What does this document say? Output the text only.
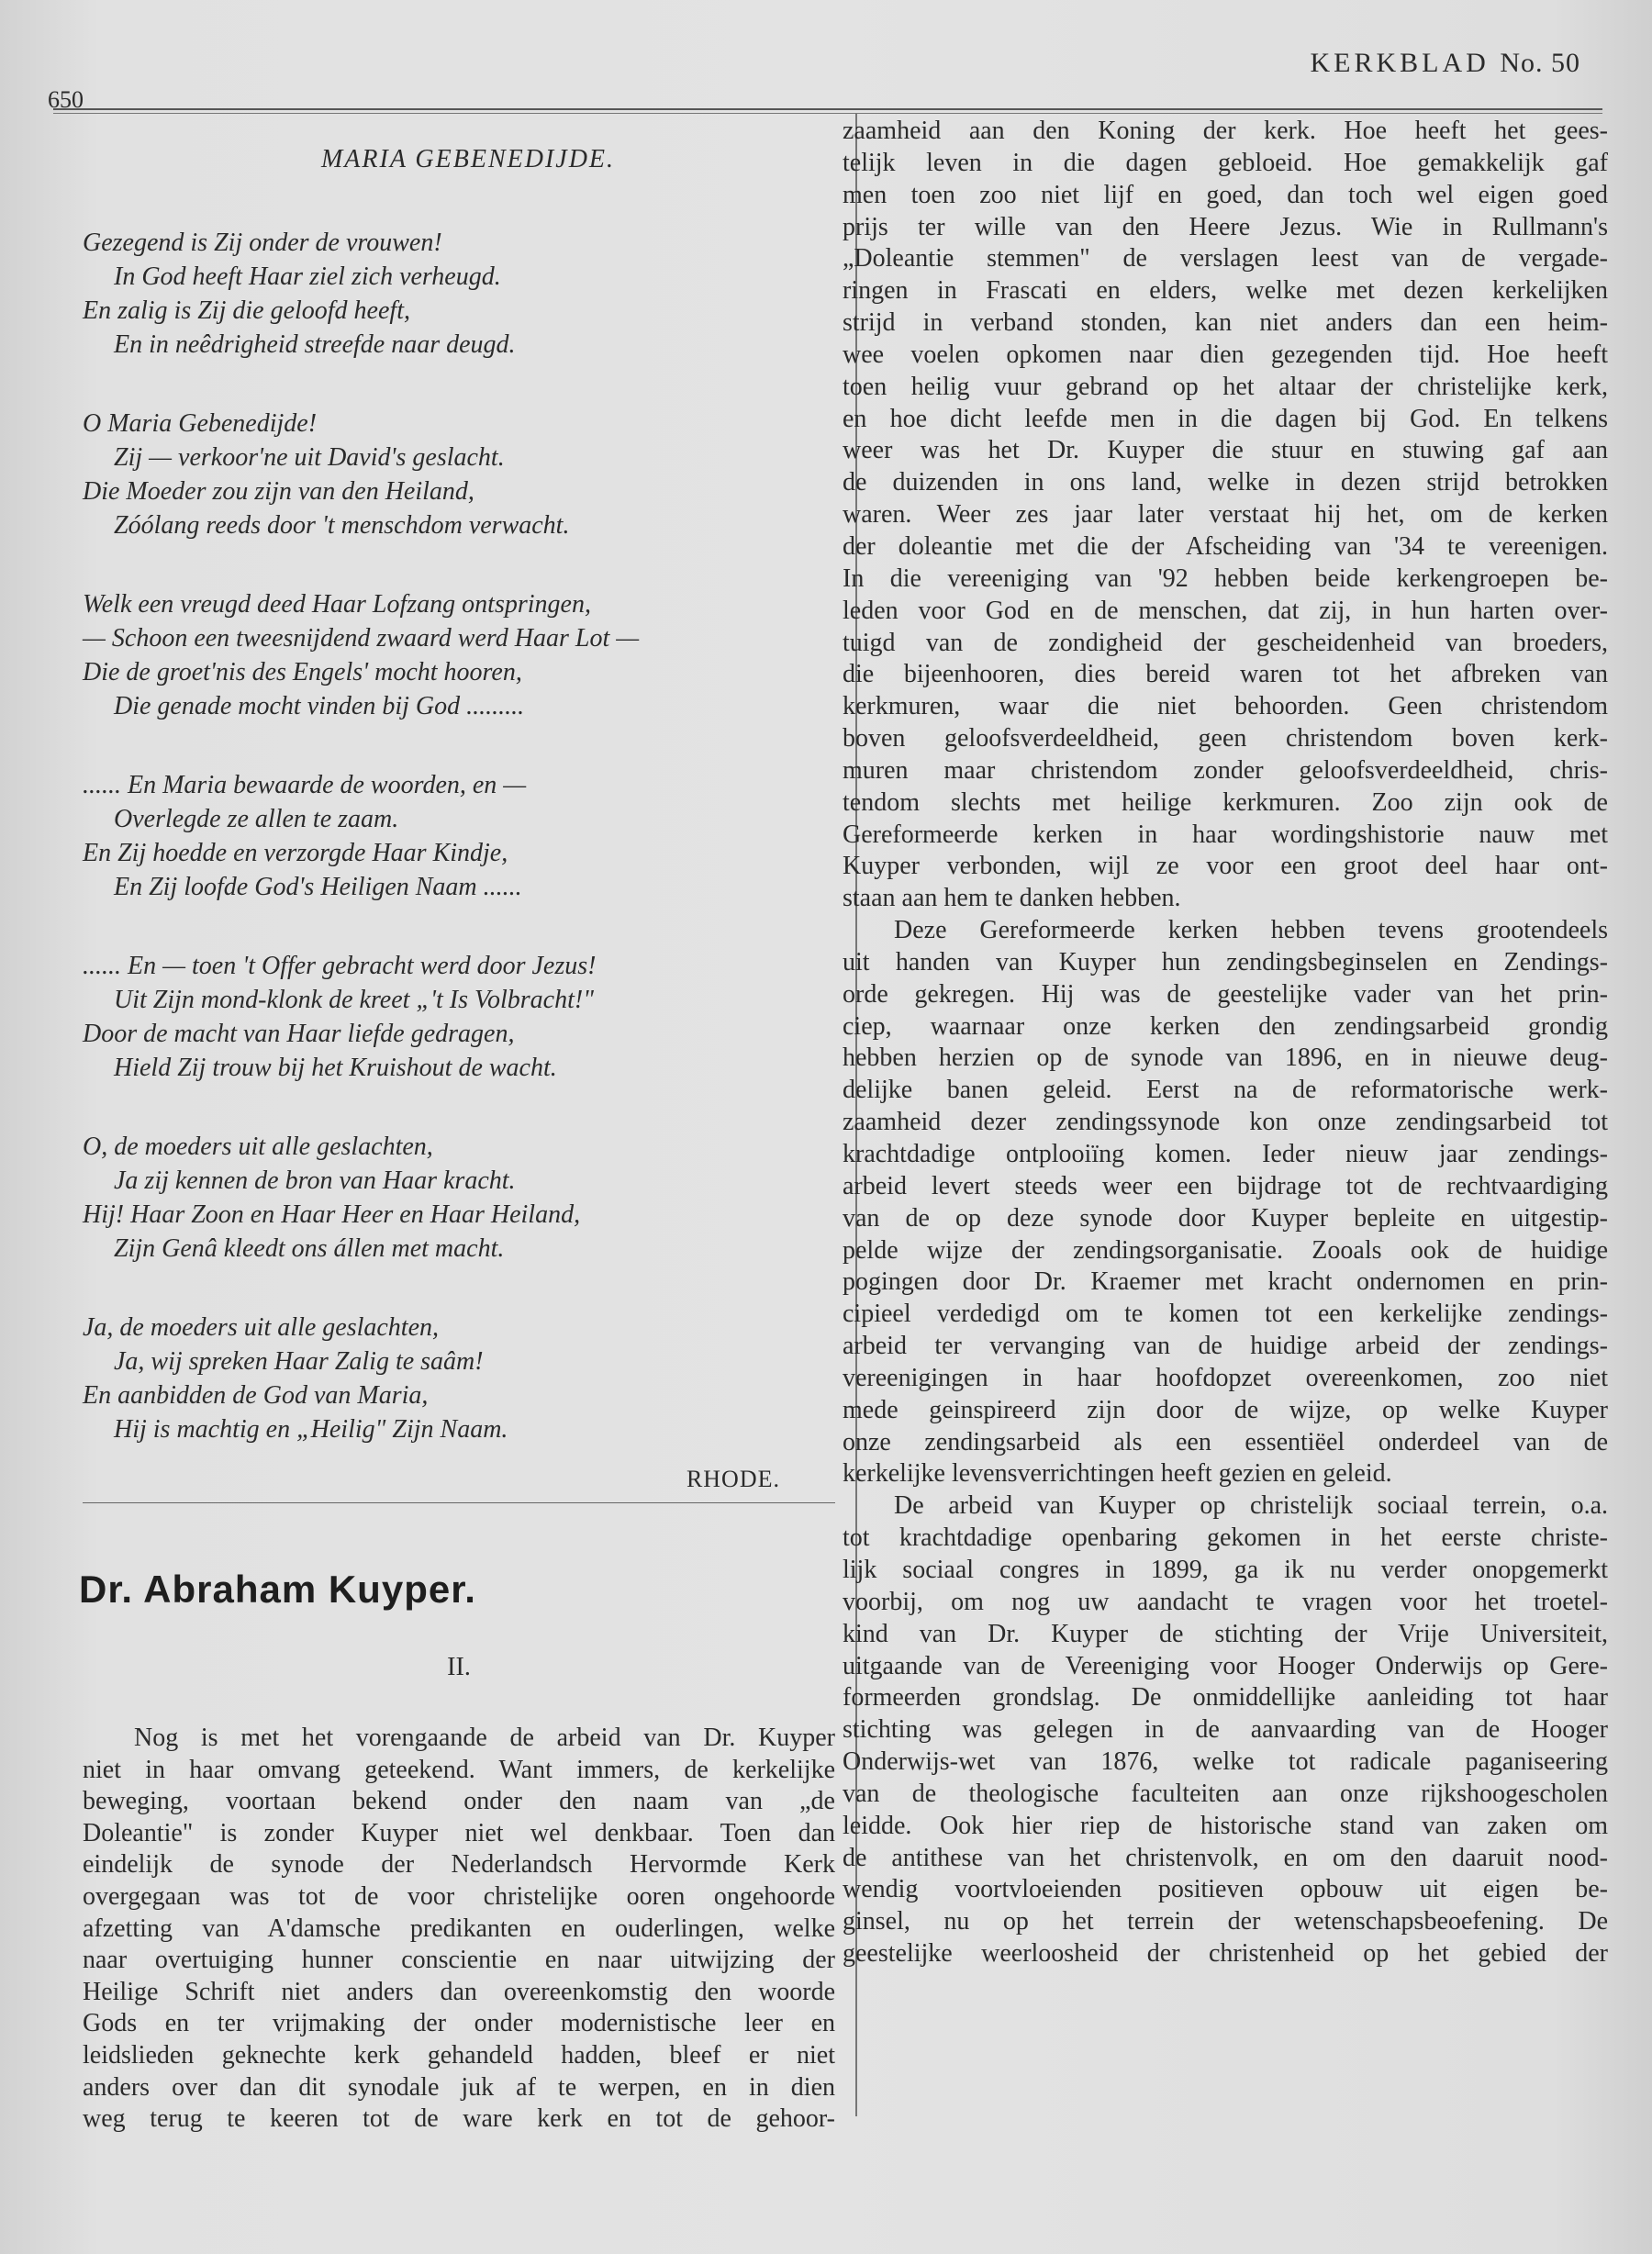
650
KERKBLAD No. 50
MARIA GEBENEDIJDE.
Gezegend is Zij onder de vrouwen!
In God heeft Haar ziel zich verheugd.
En zalig is Zij die geloofd heeft,
En in neêdrigheid streefde naar deugd.
O Maria Gebenedijde!
Zij — verkoor'ne uit David's geslacht.
Die Moeder zou zijn van den Heiland,
Zóólang reeds door 't menschdom verwacht.
Welk een vreugd deed Haar Lofzang ontspringen,
— Schoon een tweesnijdend zwaard werd Haar Lot —
Die de groet'nis des Engels' mocht hooren,
Die genade mocht vinden bij God .........
...... En Maria bewaarde de woorden, en —
Overlegde ze allen te zaam.
En Zij hoedde en verzorgde Haar Kindje,
En Zij loofde God's Heiligen Naam ......
...... En — toen 't Offer gebracht werd door Jezus!
Uit Zijn mond-klonk de kreet „'t Is Volbracht!"
Door de macht van Haar liefde gedragen,
Hield Zij trouw bij het Kruishout de wacht.
O, de moeders uit alle geslachten,
Ja zij kennen de bron van Haar kracht.
Hij! Haar Zoon en Haar Heer en Haar Heiland,
Zijn Genâ kleedt ons állen met macht.
Ja, de moeders uit alle geslachten,
Ja, wij spreken Haar Zalig te saâm!
En aanbidden de God van Maria,
Hij is machtig en „Heilig" Zijn Naam.
RHODE.
Dr. Abraham Kuyper.
II.
Nog is met het vorengaande de arbeid van Dr. Kuyper
niet in haar omvang geteekend. Want immers, de kerkelijke
beweging, voortaan bekend onder den naam van „de
Doleantie" is zonder Kuyper niet wel denkbaar. Toen dan
eindelijk de synode der Nederlandsch Hervormde Kerk
overgegaan was tot de voor christelijke ooren ongehoorde
afzetting van A'damsche predikanten en ouderlingen, welke
naar overtuiging hunner conscientie en naar uitwijzing der
Heilige Schrift niet anders dan overeenkomstig den woorde
Gods en ter vrijmaking der onder modernistische leer en
leidslieden geknechte kerk gehandeld hadden, bleef er niet
anders over dan dit synodale juk af te werpen, en in dien
weg terug te keeren tot de ware kerk en tot de gehoor-
zaamheid aan den Koning der kerk. Hoe heeft het gees-
telijk leven in die dagen gebloeid. Hoe gemakkelijk gaf
men toen zoo niet lijf en goed, dan toch wel eigen goed
prijs ter wille van den Heere Jezus. Wie in Rullmann's
„Doleantie stemmen" de verslagen leest van de vergade-
ringen in Frascati en elders, welke met dezen kerkelijken
strijd in verband stonden, kan niet anders dan een heim-
wee voelen opkomen naar dien gezegenden tijd. Hoe heeft
toen heilig vuur gebrand op het altaar der christelijke kerk,
en hoe dicht leefde men in die dagen bij God. En telkens
weer was het Dr. Kuyper die stuur en stuwing gaf aan
de duizenden in ons land, welke in dezen strijd betrokken
waren. Weer zes jaar later verstaat hij het, om de kerken
der doleantie met die der Afscheiding van '34 te vereenigen.
In die vereeniging van '92 hebben beide kerkengroepen be-
leden voor God en de menschen, dat zij, in hun harten over-
tuigd van de zondigheid der gescheidenheid van broeders,
die bijeenhooren, dies bereid waren tot het afbreken van
kerkmuren, waar die niet behoorden. Geen christendom
boven geloofsverdeeldheid, geen christendom boven kerk-
muren maar christendom zonder geloofsverdeeldheid, chris-
tendom slechts met heilige kerkmuren. Zoo zijn ook de
Gereformeerde kerken in haar wordingshistorie nauw met
Kuyper verbonden, wijl ze voor een groot deel haar ont-
staan aan hem te danken hebben.
Deze Gereformeerde kerken hebben tevens grootendeels
uit handen van Kuyper hun zendingsbeginselen en Zendings-
orde gekregen. Hij was de geestelijke vader van het prin-
ciep, waarnaar onze kerken den zendingsarbeid grondig
hebben herzien op de synode van 1896, en in nieuwe deug-
delijke banen geleid. Eerst na de reformatorische werk-
zaamheid dezer zendingssynode kon onze zendingsarbeid tot
krachtdadige ontplooiïng komen. Ieder nieuw jaar zendings-
arbeid levert steeds weer een bijdrage tot de rechtvaardiging
van de op deze synode door Kuyper bepleite en uitgestip-
pelde wijze der zendingsorganisatie. Zooals ook de huidige
pogingen door Dr. Kraemer met kracht ondernomen en prin-
cipieel verdedigd om te komen tot een kerkelijke zendings-
arbeid ter vervanging van de huidige arbeid der zendings-
vereenigingen in haar hoofdopzet overeenkomen, zoo niet
mede geinspireerd zijn door de wijze, op welke Kuyper
onze zendingsarbeid als een essentiëel onderdeel van de
kerkelijke levensverrichtingen heeft gezien en geleid.
De arbeid van Kuyper op christelijk sociaal terrein, o.a.
tot krachtdadige openbaring gekomen in het eerste christe-
lijk sociaal congres in 1899, ga ik nu verder onopgemerkt
voorbij, om nog uw aandacht te vragen voor het troetel-
kind van Dr. Kuyper de stichting der Vrije Universiteit,
uitgaande van de Vereeniging voor Hooger Onderwijs op Gere-
formeerden grondslag. De onmiddellijke aanleiding tot haar
stichting was gelegen in de aanvaarding van de Hooger
Onderwijs-wet van 1876, welke tot radicale paganiseering
van de theologische faculteiten aan onze rijkshoogescholen
leidde. Ook hier riep de historische stand van zaken om
de antithese van het christenvolk, en om den daaruit nood-
wendig voortvloeienden positieven opbouw uit eigen be-
ginsel, nu op het terrein der wetenschapsbeoefening. De
geestelijke weerloosheid der christenheid op het gebied der
